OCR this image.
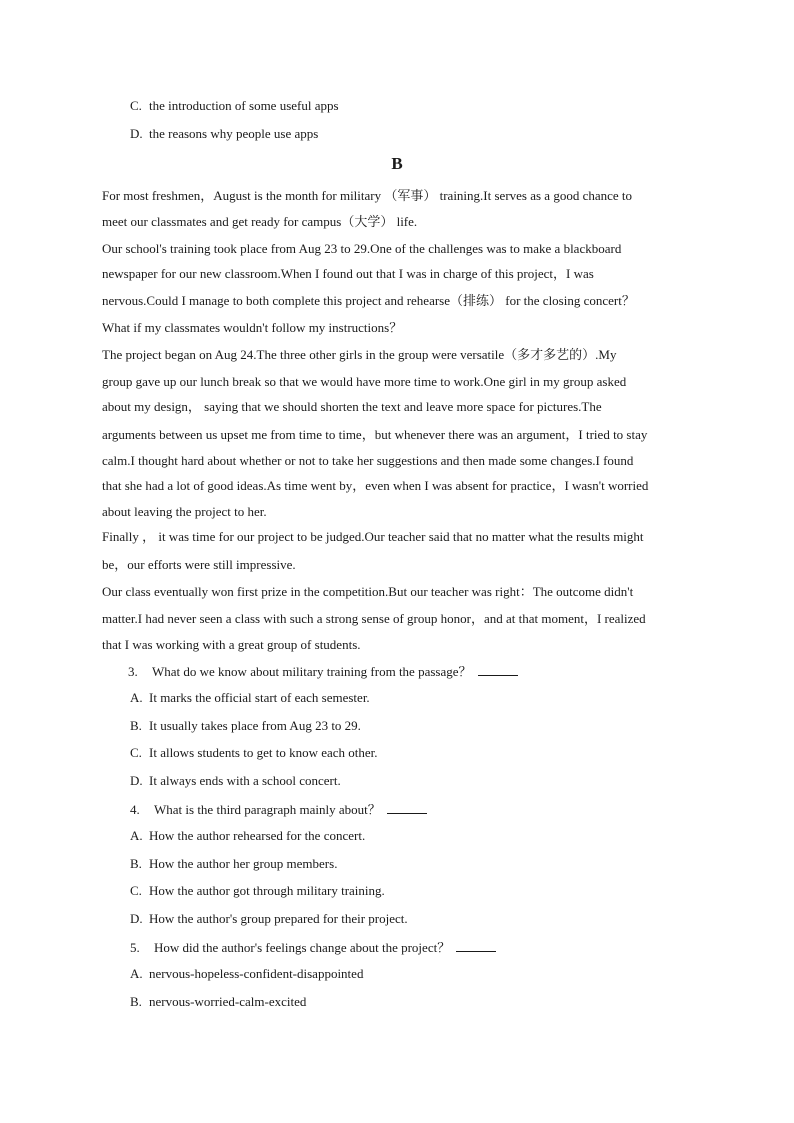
C. the introduction of some useful apps
D. the reasons why people use apps
B
For most freshmen，August is the month for military （军事） training.It serves as a good chance to
meet our classmates and get ready for campus（大学） life.
Our school's training took place from Aug 23 to 29.One of the challenges was to make a blackboard
newspaper for our new classroom.When I found out that I was in charge of this project，I was
nervous.Could I manage to both complete this project and rehearse（排练） for the closing concert？
What if my classmates wouldn't follow my instructions？
The project began on Aug 24.The three other girls in the group were versatile（多才多艺的）.My
group gave up our lunch break so that we would have more time to work.One girl in my group asked
about my design， saying that we should shorten the text and leave more space for pictures.The
arguments between us upset me from time to time，but whenever there was an argument，I tried to stay
calm.I thought hard about whether or not to take her suggestions and then made some changes.I found
that she had a lot of good ideas.As time went by，even when I was absent for practice，I wasn't worried
about leaving the project to her.
Finally ， it was time for our project to be judged.Our teacher said that no matter what the results might
be，our efforts were still impressive.
Our class eventually won first prize in the competition.But our teacher was right：The outcome didn't
matter.I had never seen a class with such a strong sense of group honor，and at that moment，I realized
that I was working with a great group of students.
3. What do we know about military training from the passage？
A. It marks the official start of each semester.
B. It usually takes place from Aug 23 to 29.
C. It allows students to get to know each other.
D. It always ends with a school concert.
4. What is the third paragraph mainly about？
A. How the author rehearsed for the concert.
B. How the author her group members.
C. How the author got through military training.
D. How the author's group prepared for their project.
5. How did the author's feelings change about the project？
A. nervous-hopeless-confident-disappointed
B. nervous-worried-calm-excited
